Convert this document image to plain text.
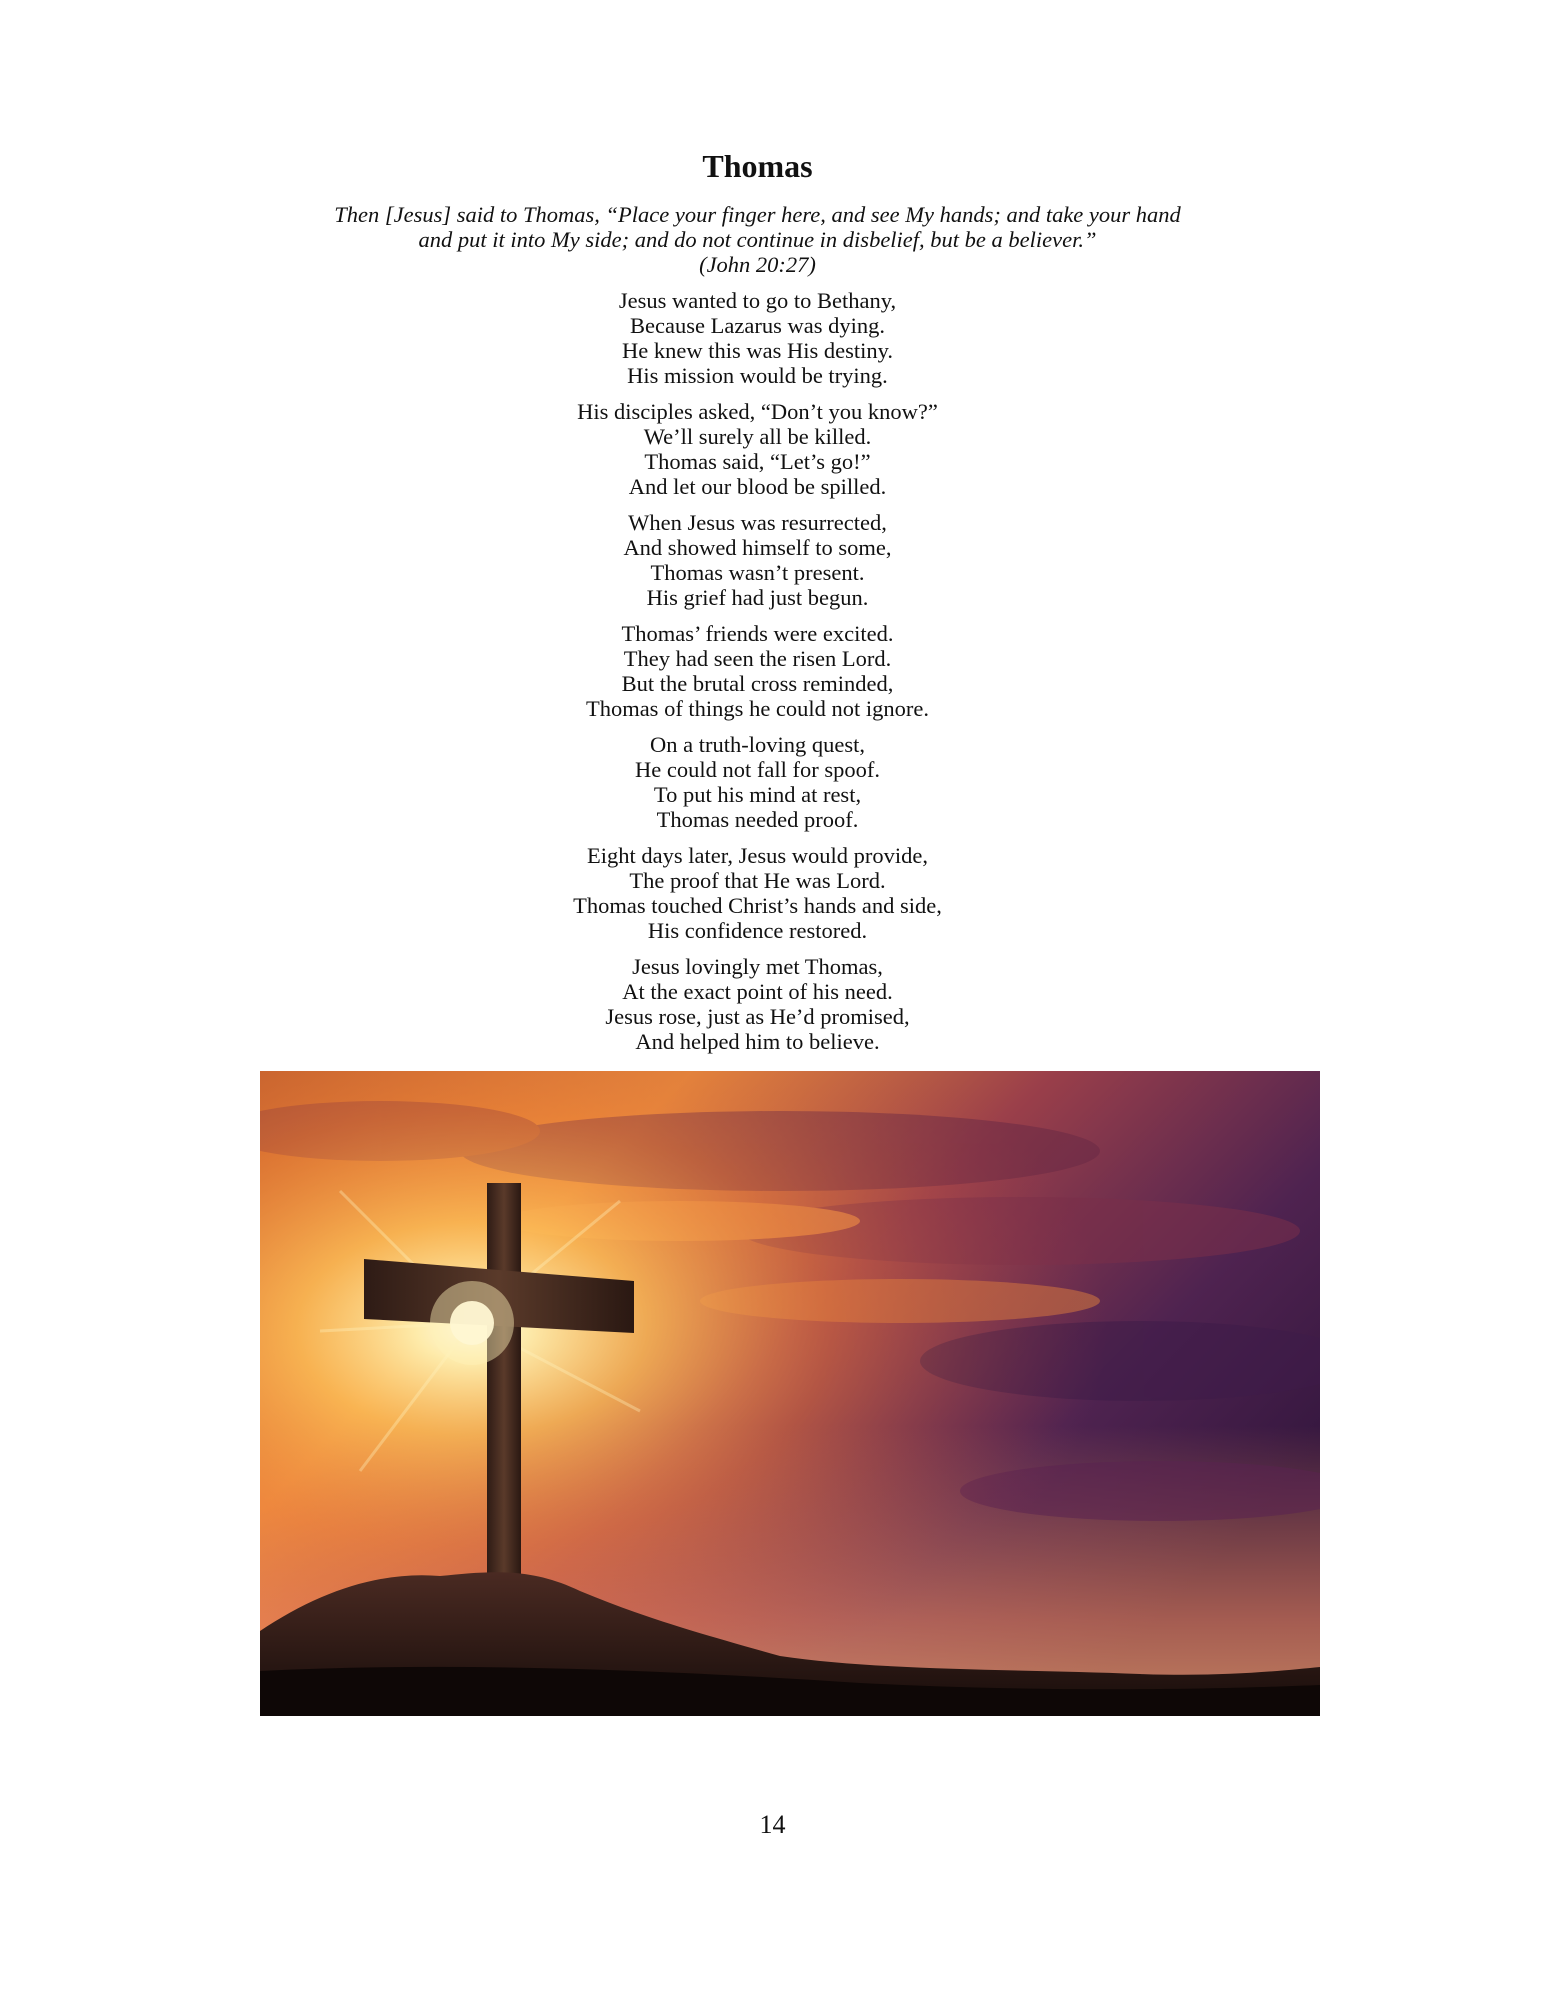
Thomas
Then [Jesus] said to Thomas, “Place your finger here, and see My hands; and take your hand
and put it into My side; and do not continue in disbelief, but be a believer.”
(John 20:27)
Jesus wanted to go to Bethany,
Because Lazarus was dying.
He knew this was His destiny.
His mission would be trying.
His disciples asked, “Don’t you know?”
We’ll surely all be killed.
Thomas said, “Let’s go!”
And let our blood be spilled.
When Jesus was resurrected,
And showed himself to some,
Thomas wasn’t present.
His grief had just begun.
Thomas’ friends were excited.
They had seen the risen Lord.
But the brutal cross reminded,
Thomas of things he could not ignore.
On a truth-loving quest,
He could not fall for spoof.
To put his mind at rest,
Thomas needed proof.
Eight days later, Jesus would provide,
The proof that He was Lord.
Thomas touched Christ’s hands and side,
His confidence restored.
Jesus lovingly met Thomas,
At the exact point of his need.
Jesus rose, just as He’d promised,
And helped him to believe.
14
